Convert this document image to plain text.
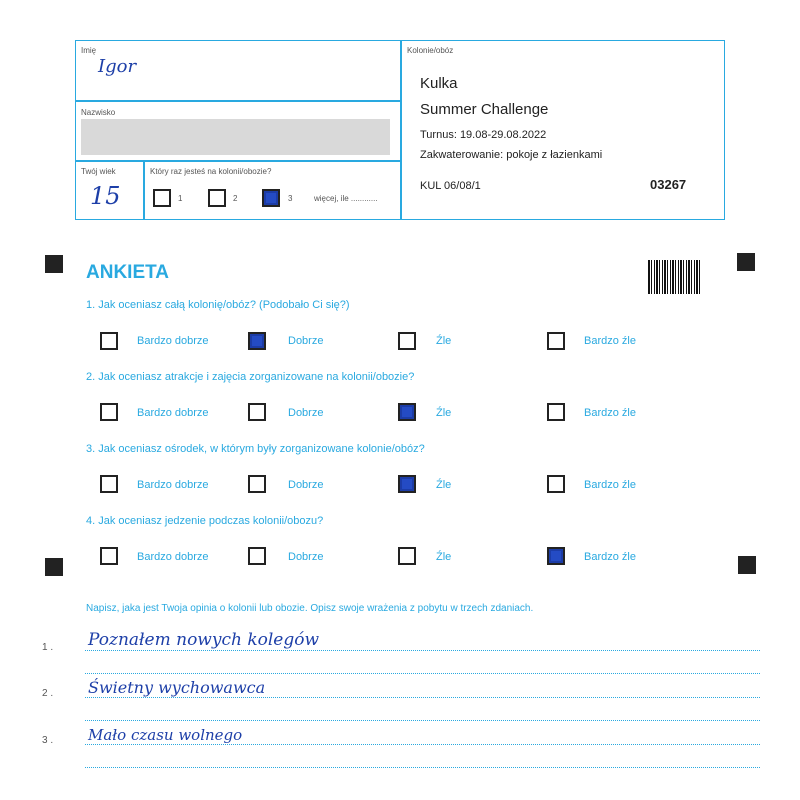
Imię
Igor
Nazwisko
Twój wiek
15
Który raz jesteś na kolonii/obozie?
1	2	3	więcej, ile ............
Kolonie/obóz
Kulka
Summer Challenge
Turnus: 19.08-29.08.2022
Zakwaterowanie: pokoje z łazienkami
KUL 06/08/1	03267
ANKIETA
1. Jak oceniasz całą kolonię/obóz? (Podobało Ci się?)
Bardzo dobrze	Dobrze	Źle	Bardzo źle
2. Jak oceniasz atrakcje i zajęcia zorganizowane na kolonii/obozie?
Bardzo dobrze	Dobrze	Źle	Bardzo źle
3. Jak oceniasz ośrodek, w którym były zorganizowane kolonie/obóz?
Bardzo dobrze	Dobrze	Źle	Bardzo źle
4. Jak oceniasz jedzenie podczas kolonii/obozu?
Bardzo dobrze	Dobrze	Źle	Bardzo źle
Napisz, jaka jest Twoja opinia o kolonii lub obozie. Opisz swoje wrażenia z pobytu w trzech zdaniach.
1 . Poznałem nowych kolegów
2 . Świetny wychowawca
3 . Mało czasu wolnego
